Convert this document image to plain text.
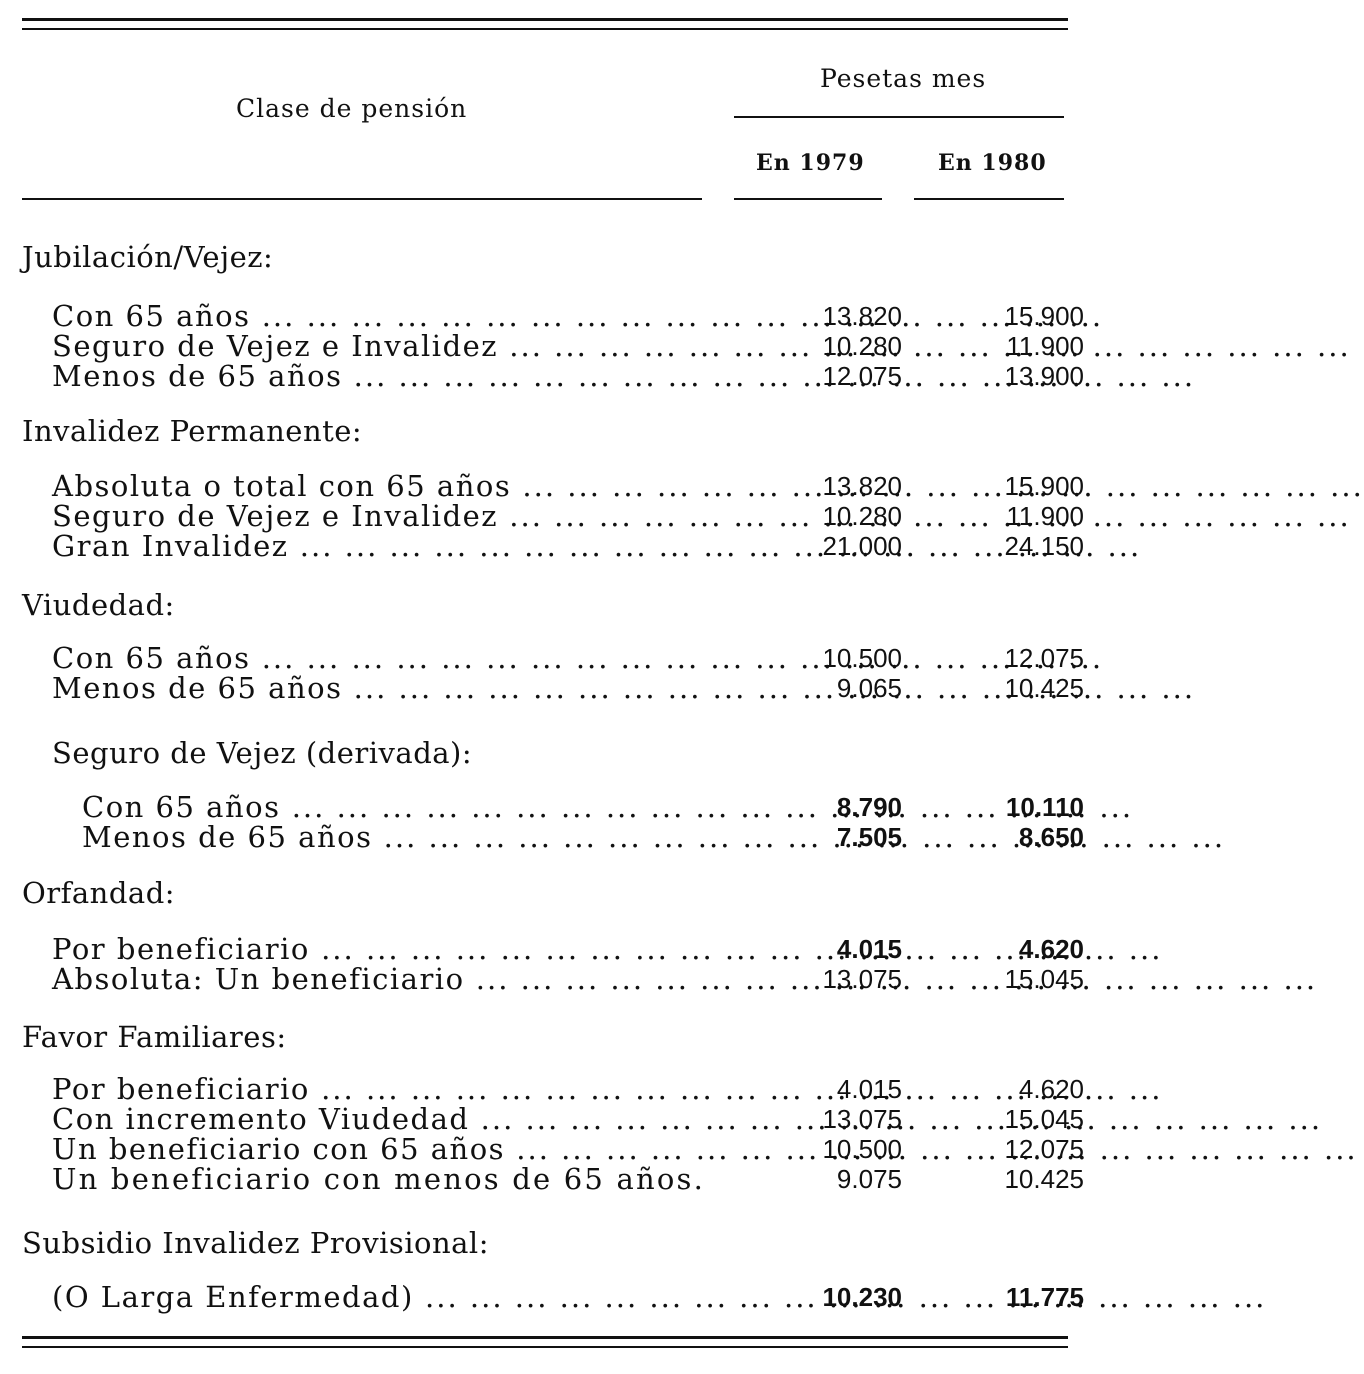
Clase de pensión
Pesetas mes
En 1979	En 1980
Jubilación/Vejez:
Con 65 años ... .	13.820	15.900
Seguro de Vejez e Invalidez ... .	10.280	11.900
Menos de 65 años ... .	12.075	13.900
Invalidez Permanente:
Absoluta o total con 65 años ... .	13.820	15.900
Seguro de Vejez e Invalidez ... .	10.280	11.900
Gran Invalidez ... .	21.000	24.150
Viudedad:
Con 65 años ... .	10.500	12.075
Menos de 65 años ... .	9.065	10.425
Seguro de Vejez (derivada):
Con 65 años ... .	8.790	10.110
Menos de 65 años ... .	7.505	8.650
Orfandad:
Por beneficiario ... .	4.015	4.620
Absoluta: Un beneficiario ... .	13.075	15.045
Favor Familiares:
Por beneficiario ... .	4.015	4.620
Con incremento Viudedad ... .	13.075	15.045
Un beneficiario con 65 años ... .	10.500	12.075
Un beneficiario con menos de 65 años.	9.075	10.425
Subsidio Invalidez Provisional:
(O Larga Enfermedad) ... .	10.230	11.775
